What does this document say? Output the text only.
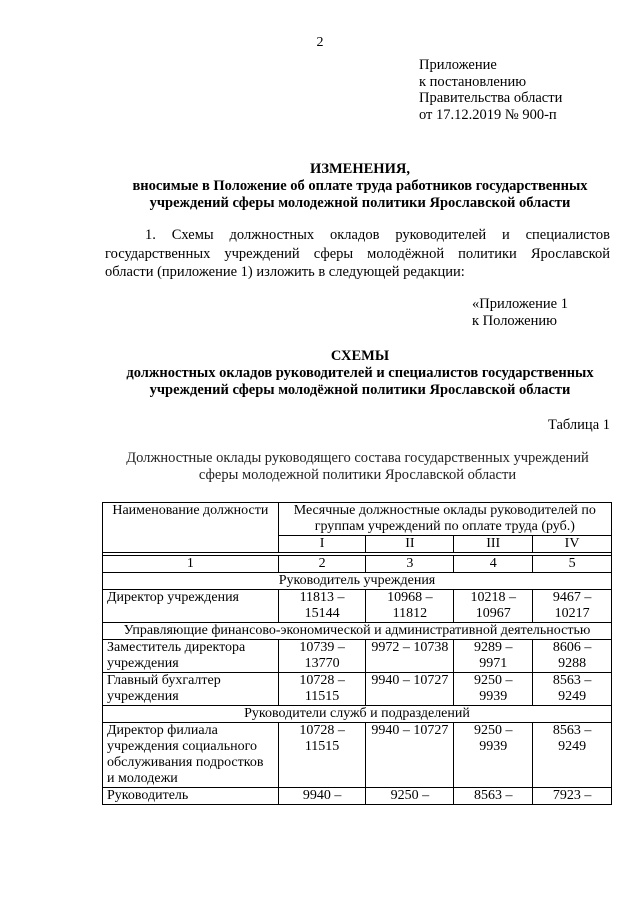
2
Приложение
к постановлению
Правительства области
от 17.12.2019 № 900-п
ИЗМЕНЕНИЯ,
вносимые в Положение об оплате труда работников государственных
учреждений сферы молодежной политики Ярославской области
1. Схемы должностных окладов руководителей и специалистов государственных учреждений сферы молодёжной политики Ярославской области (приложение 1) изложить в следующей редакции:
«Приложение 1
к Положению
СХЕМЫ
должностных окладов руководителей и специалистов государственных
учреждений сферы молодёжной политики Ярославской области
Таблица 1
Должностные оклады руководящего состава государственных учреждений
сферы молодежной политики Ярославской области
Наименование должности	Месячные должностные оклады руководителей по группам учреждений по оплате труда (руб.)			
	I	II	III	IV

1	2	3	4	5
Руководитель учреждения				
Директор учреждения	11813 – 15144	10968 – 11812	10218 – 10967	9467 – 10217
Управляющие финансово-экономической и административной деятельностью				
Заместитель директора учреждения	10739 – 13770	9972 – 10738	9289 – 9971	8606 – 9288
Главный бухгалтер учреждения	10728 – 11515	9940 – 10727	9250 – 9939	8563 – 9249
Руководители служб и подразделений				
Директор филиала учреждения социального обслуживания подростков и молодежи	10728 – 11515	9940 – 10727	9250 – 9939	8563 – 9249
Руководитель	9940 –	9250 –	8563 –	7923 –
